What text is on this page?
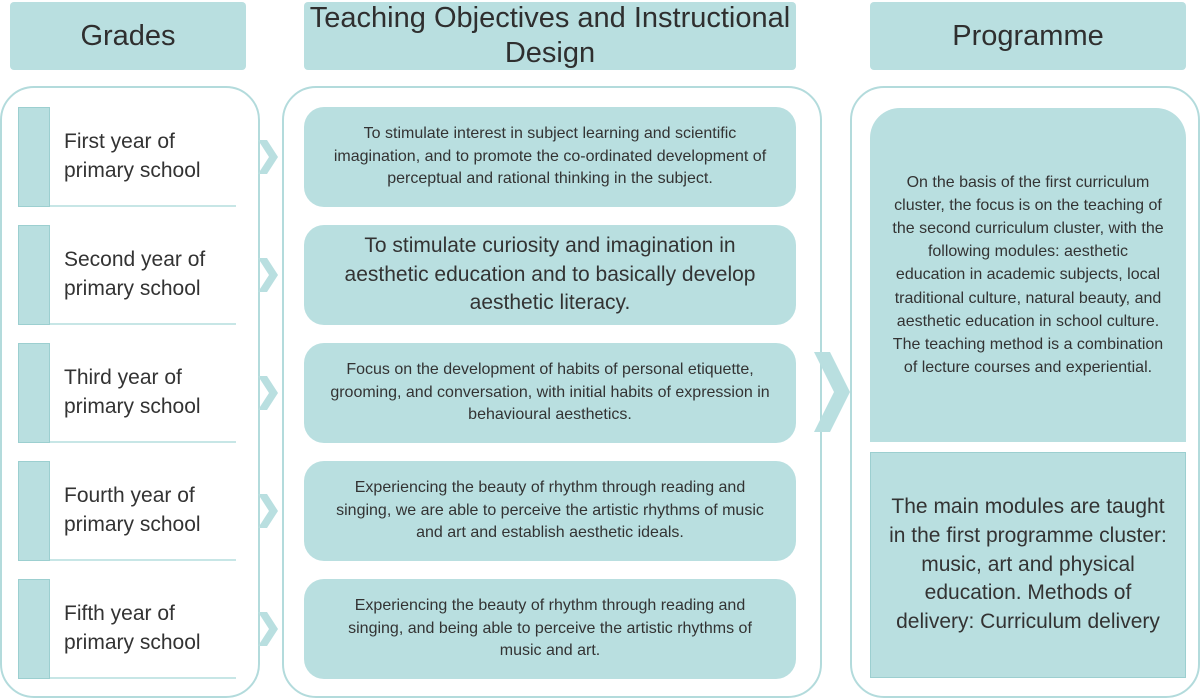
Grades
Teaching Objectives and Instructional Design
Programme
First year of primary school
Second year of primary school
Third year of primary school
Fourth year of primary school
Fifth year of primary school
To stimulate interest in subject learning and scientific imagination, and to promote the co-ordinated development of perceptual and rational thinking in the subject.
To stimulate curiosity and imagination in aesthetic education and to basically develop aesthetic literacy.
Focus on the development of habits of personal etiquette, grooming, and conversation, with initial habits of expression in behavioural aesthetics.
Experiencing the beauty of rhythm through reading and singing, we are able to perceive the artistic rhythms of music and art and establish aesthetic ideals.
Experiencing the beauty of rhythm through reading and singing, and being able to perceive the artistic rhythms of music and art.
On the basis of the first curriculum cluster, the focus is on the teaching of the second curriculum cluster, with the following modules: aesthetic education in academic subjects, local traditional culture, natural beauty, and aesthetic education in school culture. The teaching method is a combination of lecture courses and experiential.
The main modules are taught in the first programme cluster: music, art and physical education. Methods of delivery: Curriculum delivery
